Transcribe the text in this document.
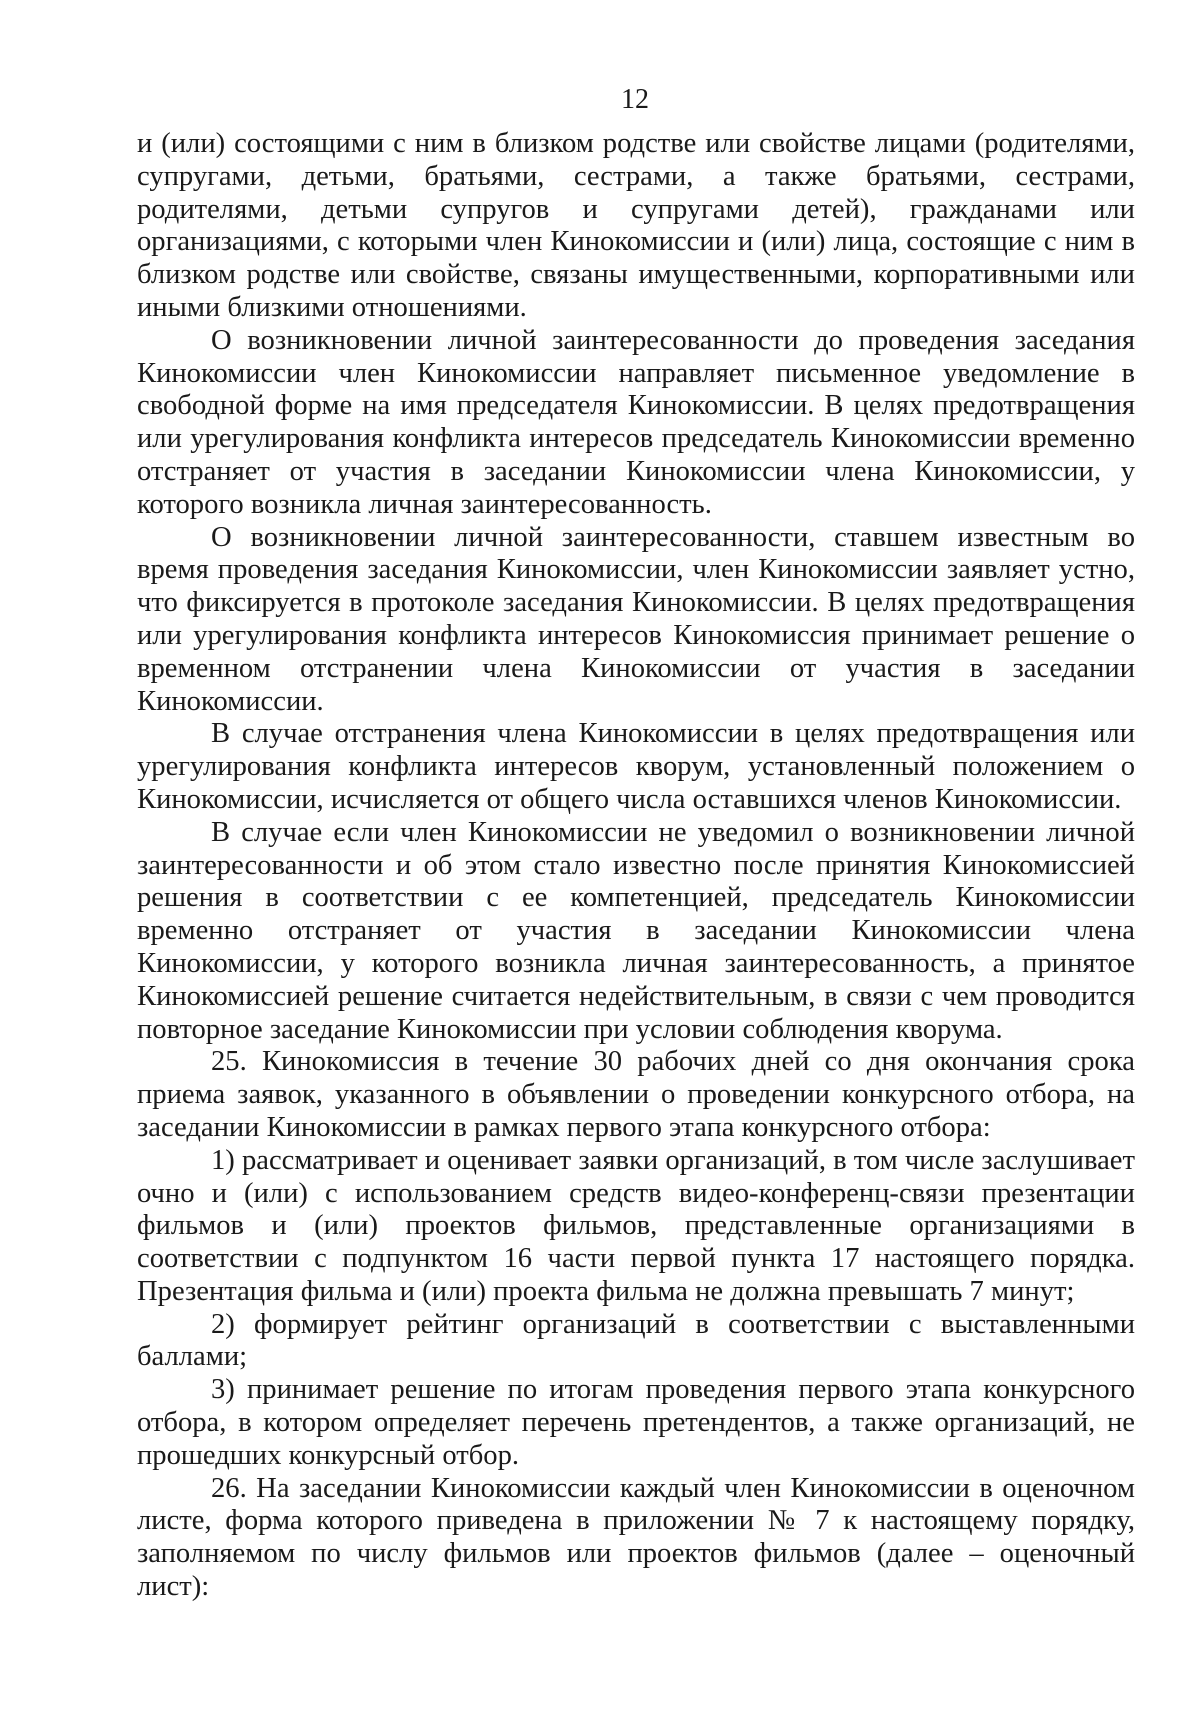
12

и (или) состоящими с ним в близком родстве или свойстве лицами (родителями, супругами, детьми, братьями, сестрами, а также братьями, сестрами, родителями, детьми супругов и супругами детей), гражданами или организациями, с которыми член Кинокомиссии и (или) лица, состоящие с ним в близком родстве или свойстве, связаны имущественными, корпоративными или иными близкими отношениями.

О возникновении личной заинтересованности до проведения заседания Кинокомиссии член Кинокомиссии направляет письменное уведомление в свободной форме на имя председателя Кинокомиссии. В целях предотвращения или урегулирования конфликта интересов председатель Кинокомиссии временно отстраняет от участия в заседании Кинокомиссии члена Кинокомиссии, у которого возникла личная заинтересованность.

О возникновении личной заинтересованности, ставшем известным во время проведения заседания Кинокомиссии, член Кинокомиссии заявляет устно, что фиксируется в протоколе заседания Кинокомиссии. В целях предотвращения или урегулирования конфликта интересов Кинокомиссия принимает решение о временном отстранении члена Кинокомиссии от участия в заседании Кинокомиссии.

В случае отстранения члена Кинокомиссии в целях предотвращения или урегулирования конфликта интересов кворум, установленный положением о Кинокомиссии, исчисляется от общего числа оставшихся членов Кинокомиссии.

В случае если член Кинокомиссии не уведомил о возникновении личной заинтересованности и об этом стало известно после принятия Кинокомиссией решения в соответствии с ее компетенцией, председатель Кинокомиссии временно отстраняет от участия в заседании Кинокомиссии члена Кинокомиссии, у которого возникла личная заинтересованность, а принятое Кинокомиссией решение считается недействительным, в связи с чем проводится повторное заседание Кинокомиссии при условии соблюдения кворума.

25. Кинокомиссия в течение 30 рабочих дней со дня окончания срока приема заявок, указанного в объявлении о проведении конкурсного отбора, на заседании Кинокомиссии в рамках первого этапа конкурсного отбора:

1) рассматривает и оценивает заявки организаций, в том числе заслушивает очно и (или) с использованием средств видео-конференц-связи презентации фильмов и (или) проектов фильмов, представленные организациями в соответствии с подпунктом 16 части первой пункта 17 настоящего порядка. Презентация фильма и (или) проекта фильма не должна превышать 7 минут;

2) формирует рейтинг организаций в соответствии с выставленными баллами;

3) принимает решение по итогам проведения первого этапа конкурсного отбора, в котором определяет перечень претендентов, а также организаций, не прошедших конкурсный отбор.

26. На заседании Кинокомиссии каждый член Кинокомиссии в оценочном листе, форма которого приведена в приложении № 7 к настоящему порядку, заполняемом по числу фильмов или проектов фильмов (далее – оценочный лист):
